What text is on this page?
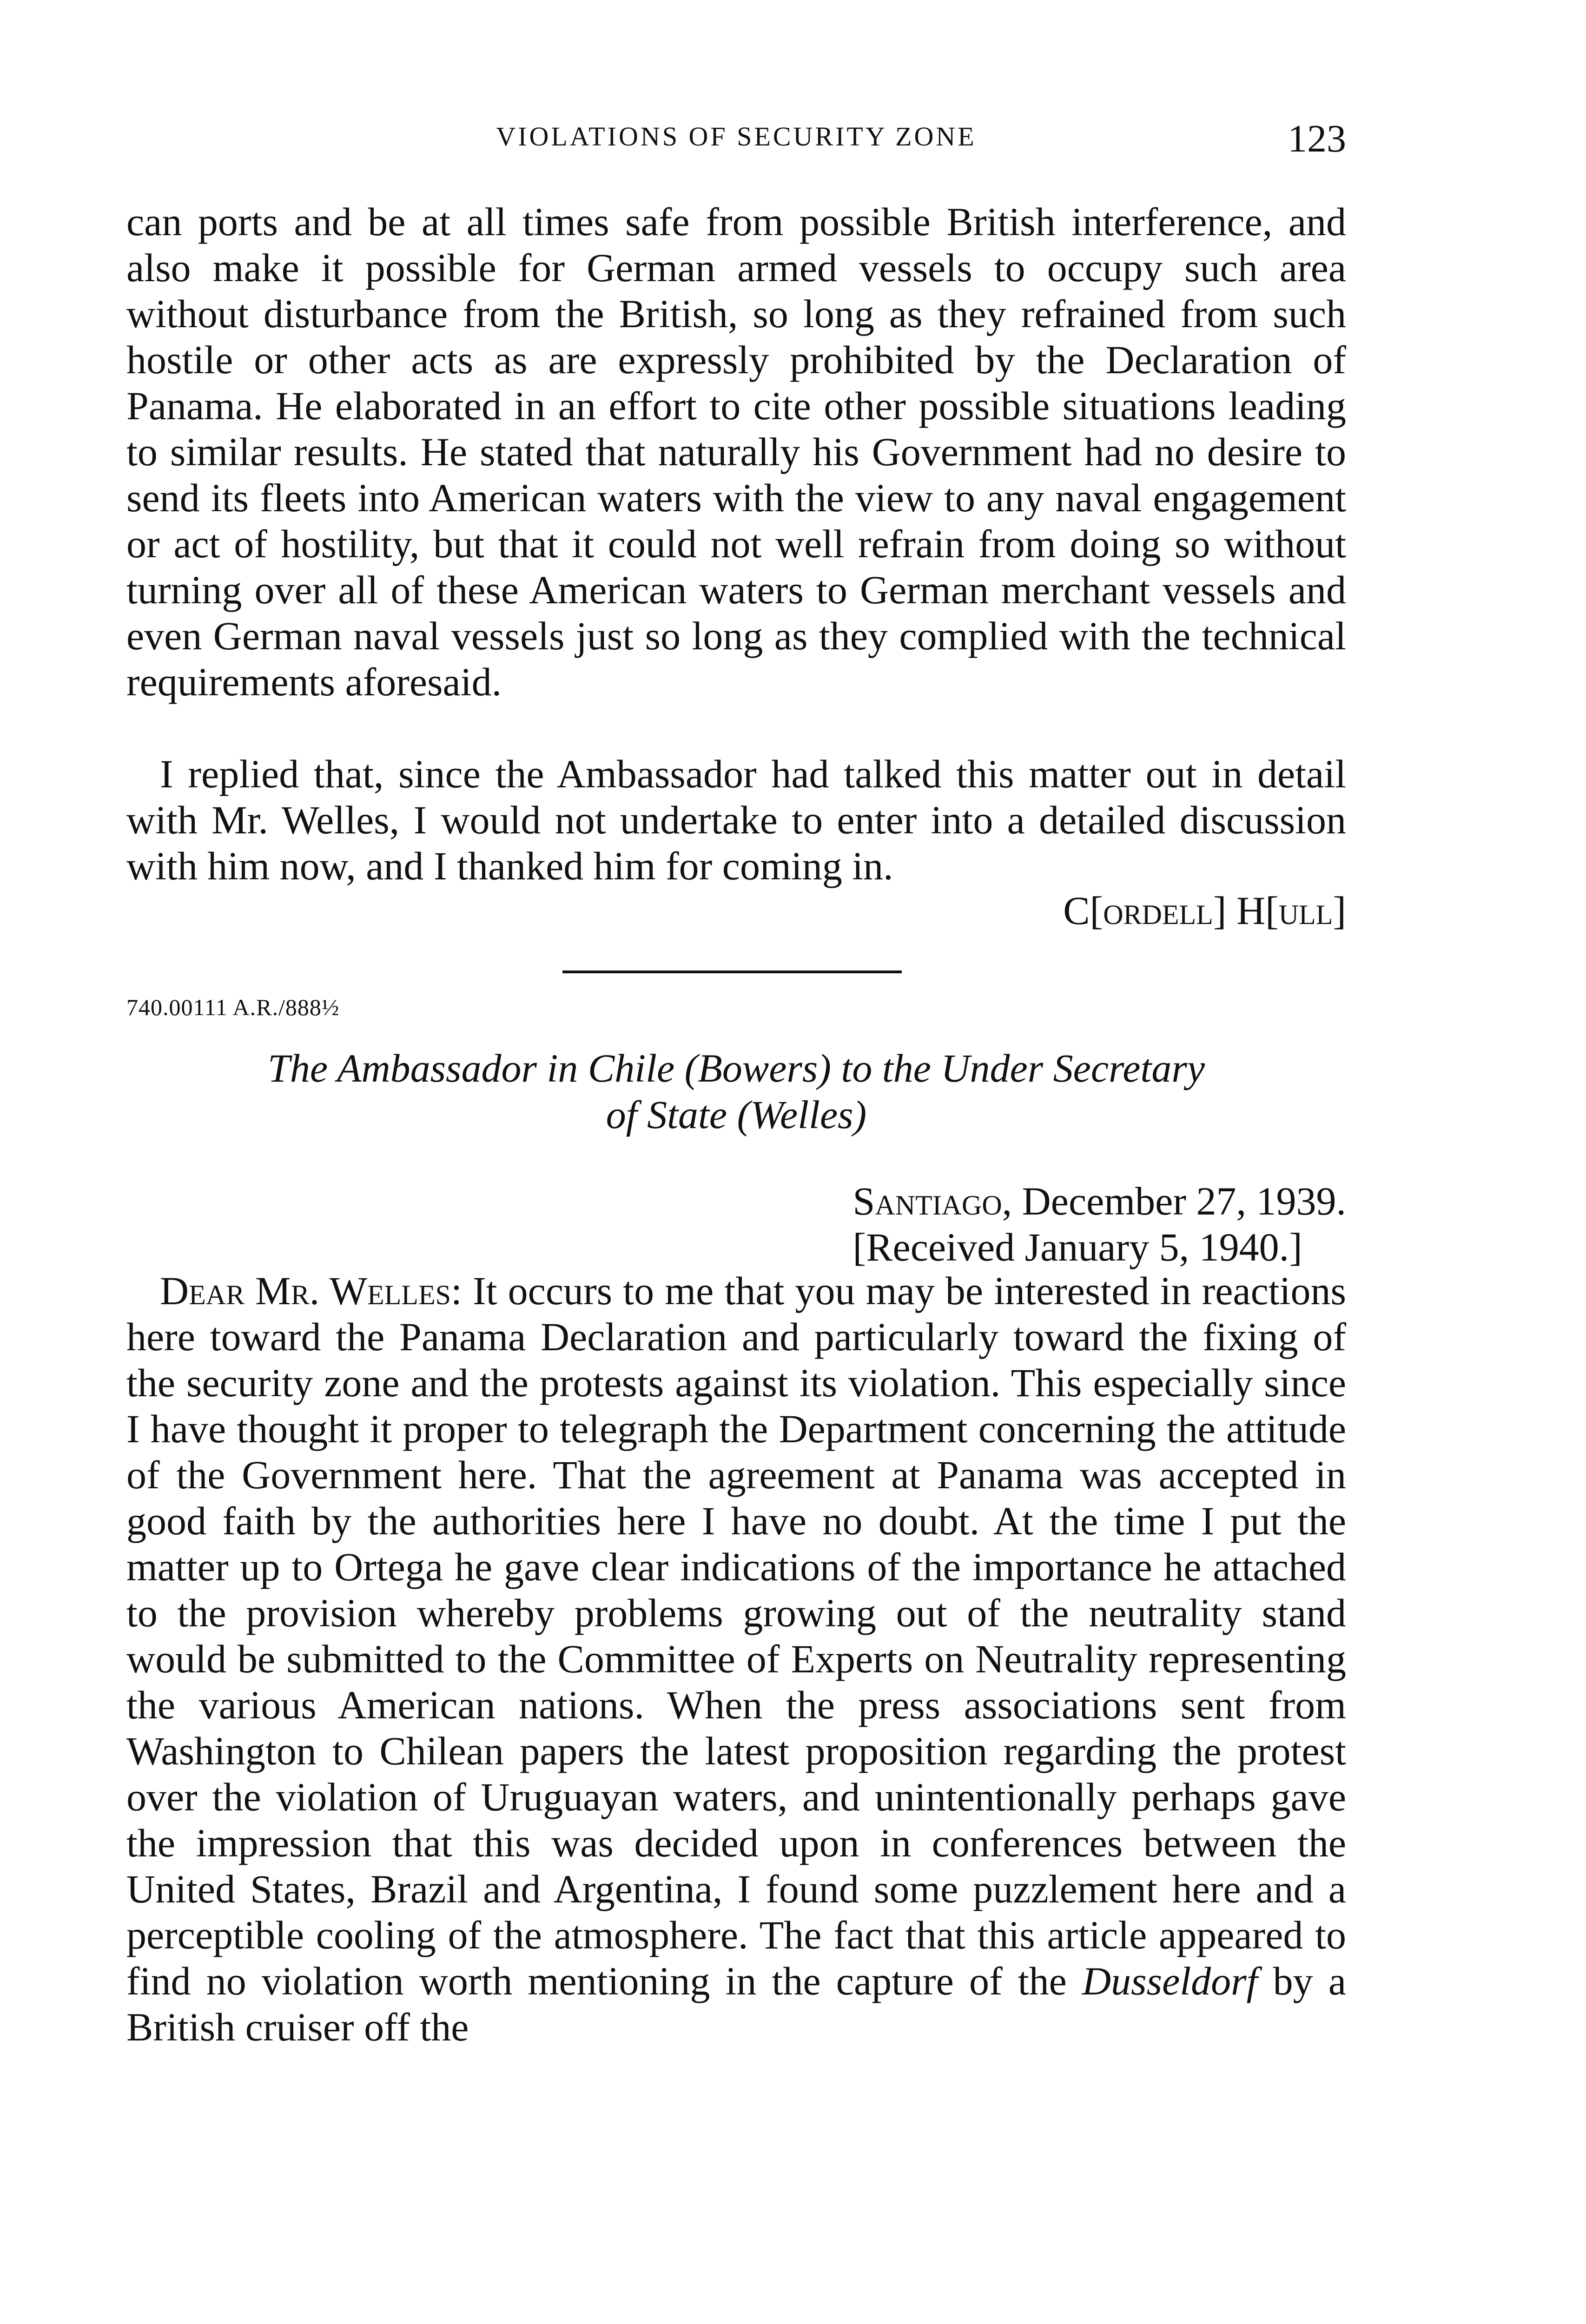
VIOLATIONS OF SECURITY ZONE	123

can ports and be at all times safe from possible British interference, and also make it possible for German armed vessels to occupy such area without disturbance from the British, so long as they refrained from such hostile or other acts as are expressly prohibited by the Declaration of Panama. He elaborated in an effort to cite other possible situations leading to similar results. He stated that naturally his Government had no desire to send its fleets into American waters with the view to any naval engagement or act of hostility, but that it could not well refrain from doing so without turning over all of these American waters to German merchant vessels and even German naval vessels just so long as they complied with the technical requirements aforesaid.

I replied that, since the Ambassador had talked this matter out in detail with Mr. Welles, I would not undertake to enter into a detailed discussion with him now, and I thanked him for coming in.

C[ordell] H[ull]
740.00111 A.R./888½
The Ambassador in Chile (Bowers) to the Under Secretary
of State (Welles)
Santiago, December 27, 1939.
[Received January 5, 1940.]

Dear Mr. Welles: It occurs to me that you may be interested in reactions here toward the Panama Declaration and particularly toward the fixing of the security zone and the protests against its violation. This especially since I have thought it proper to telegraph the Department concerning the attitude of the Government here. That the agreement at Panama was accepted in good faith by the authorities here I have no doubt. At the time I put the matter up to Ortega he gave clear indications of the importance he attached to the provision whereby problems growing out of the neutrality stand would be submitted to the Committee of Experts on Neutrality representing the various American nations. When the press associations sent from Washington to Chilean papers the latest proposition regarding the protest over the violation of Uruguayan waters, and unintentionally perhaps gave the impression that this was decided upon in conferences between the United States, Brazil and Argentina, I found some puzzlement here and a perceptible cooling of the atmosphere. The fact that this article appeared to find no violation worth mentioning in the capture of the Dusseldorf by a British cruiser off the
